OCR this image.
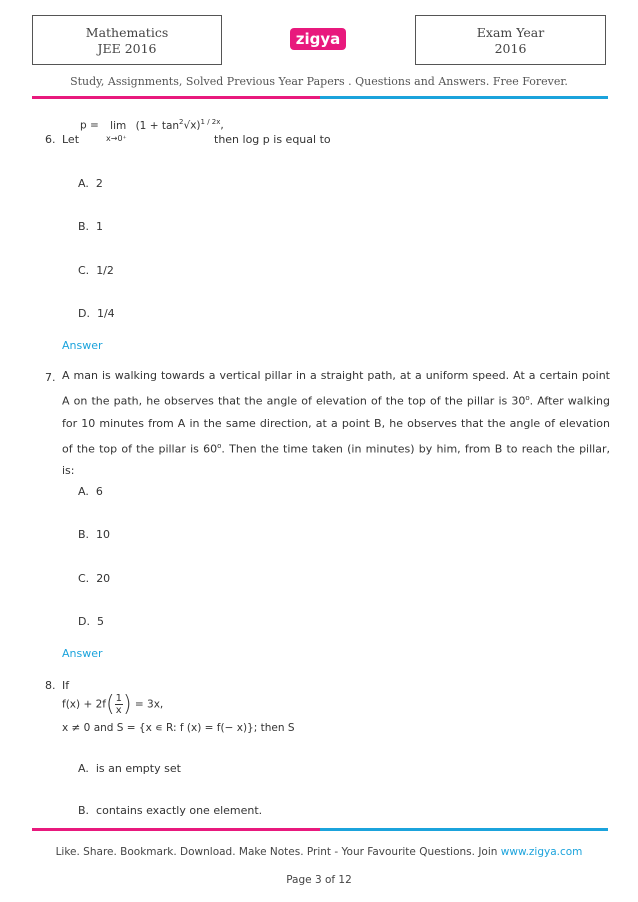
Mathematics
JEE 2016
zigya	Exam Year
2016
Study, Assignments, Solved Previous Year Papers . Questions and Answers. Free Forever.
6. Let
$p = \lim (1 + \tan^2√x)^{1 / 2x}$,
x→0⁺	then log p is equal to
A. 2
B. 1
C. 1/2
D. 1/4
Answer
7. A man is walking towards a vertical pillar in a straight path, at a uniform speed. At a certain point A on the path, he observes that the angle of elevation of the top of the pillar is 30$^o$. After walking for 10 minutes from A in the same direction, at a point B, he observes that the angle of elevation of the top of the pillar is 60$^o$. Then the time taken (in minutes) by him, from B to reach the pillar, is:
A. 6
B. 10
C. 20
D. 5
Answer
8. If
$f(x) + 2f( \frac{1}{x}$ ) = 3x,
x ≠ 0 and S = {x ∊ R: f (x) = f(− x)}; then S
A. is an empty set
B. contains exactly one element.
Like. Share. Bookmark. Download. Make Notes. Print - Your Favourite Questions. Join www.zigya.com
Page 3 of 12
